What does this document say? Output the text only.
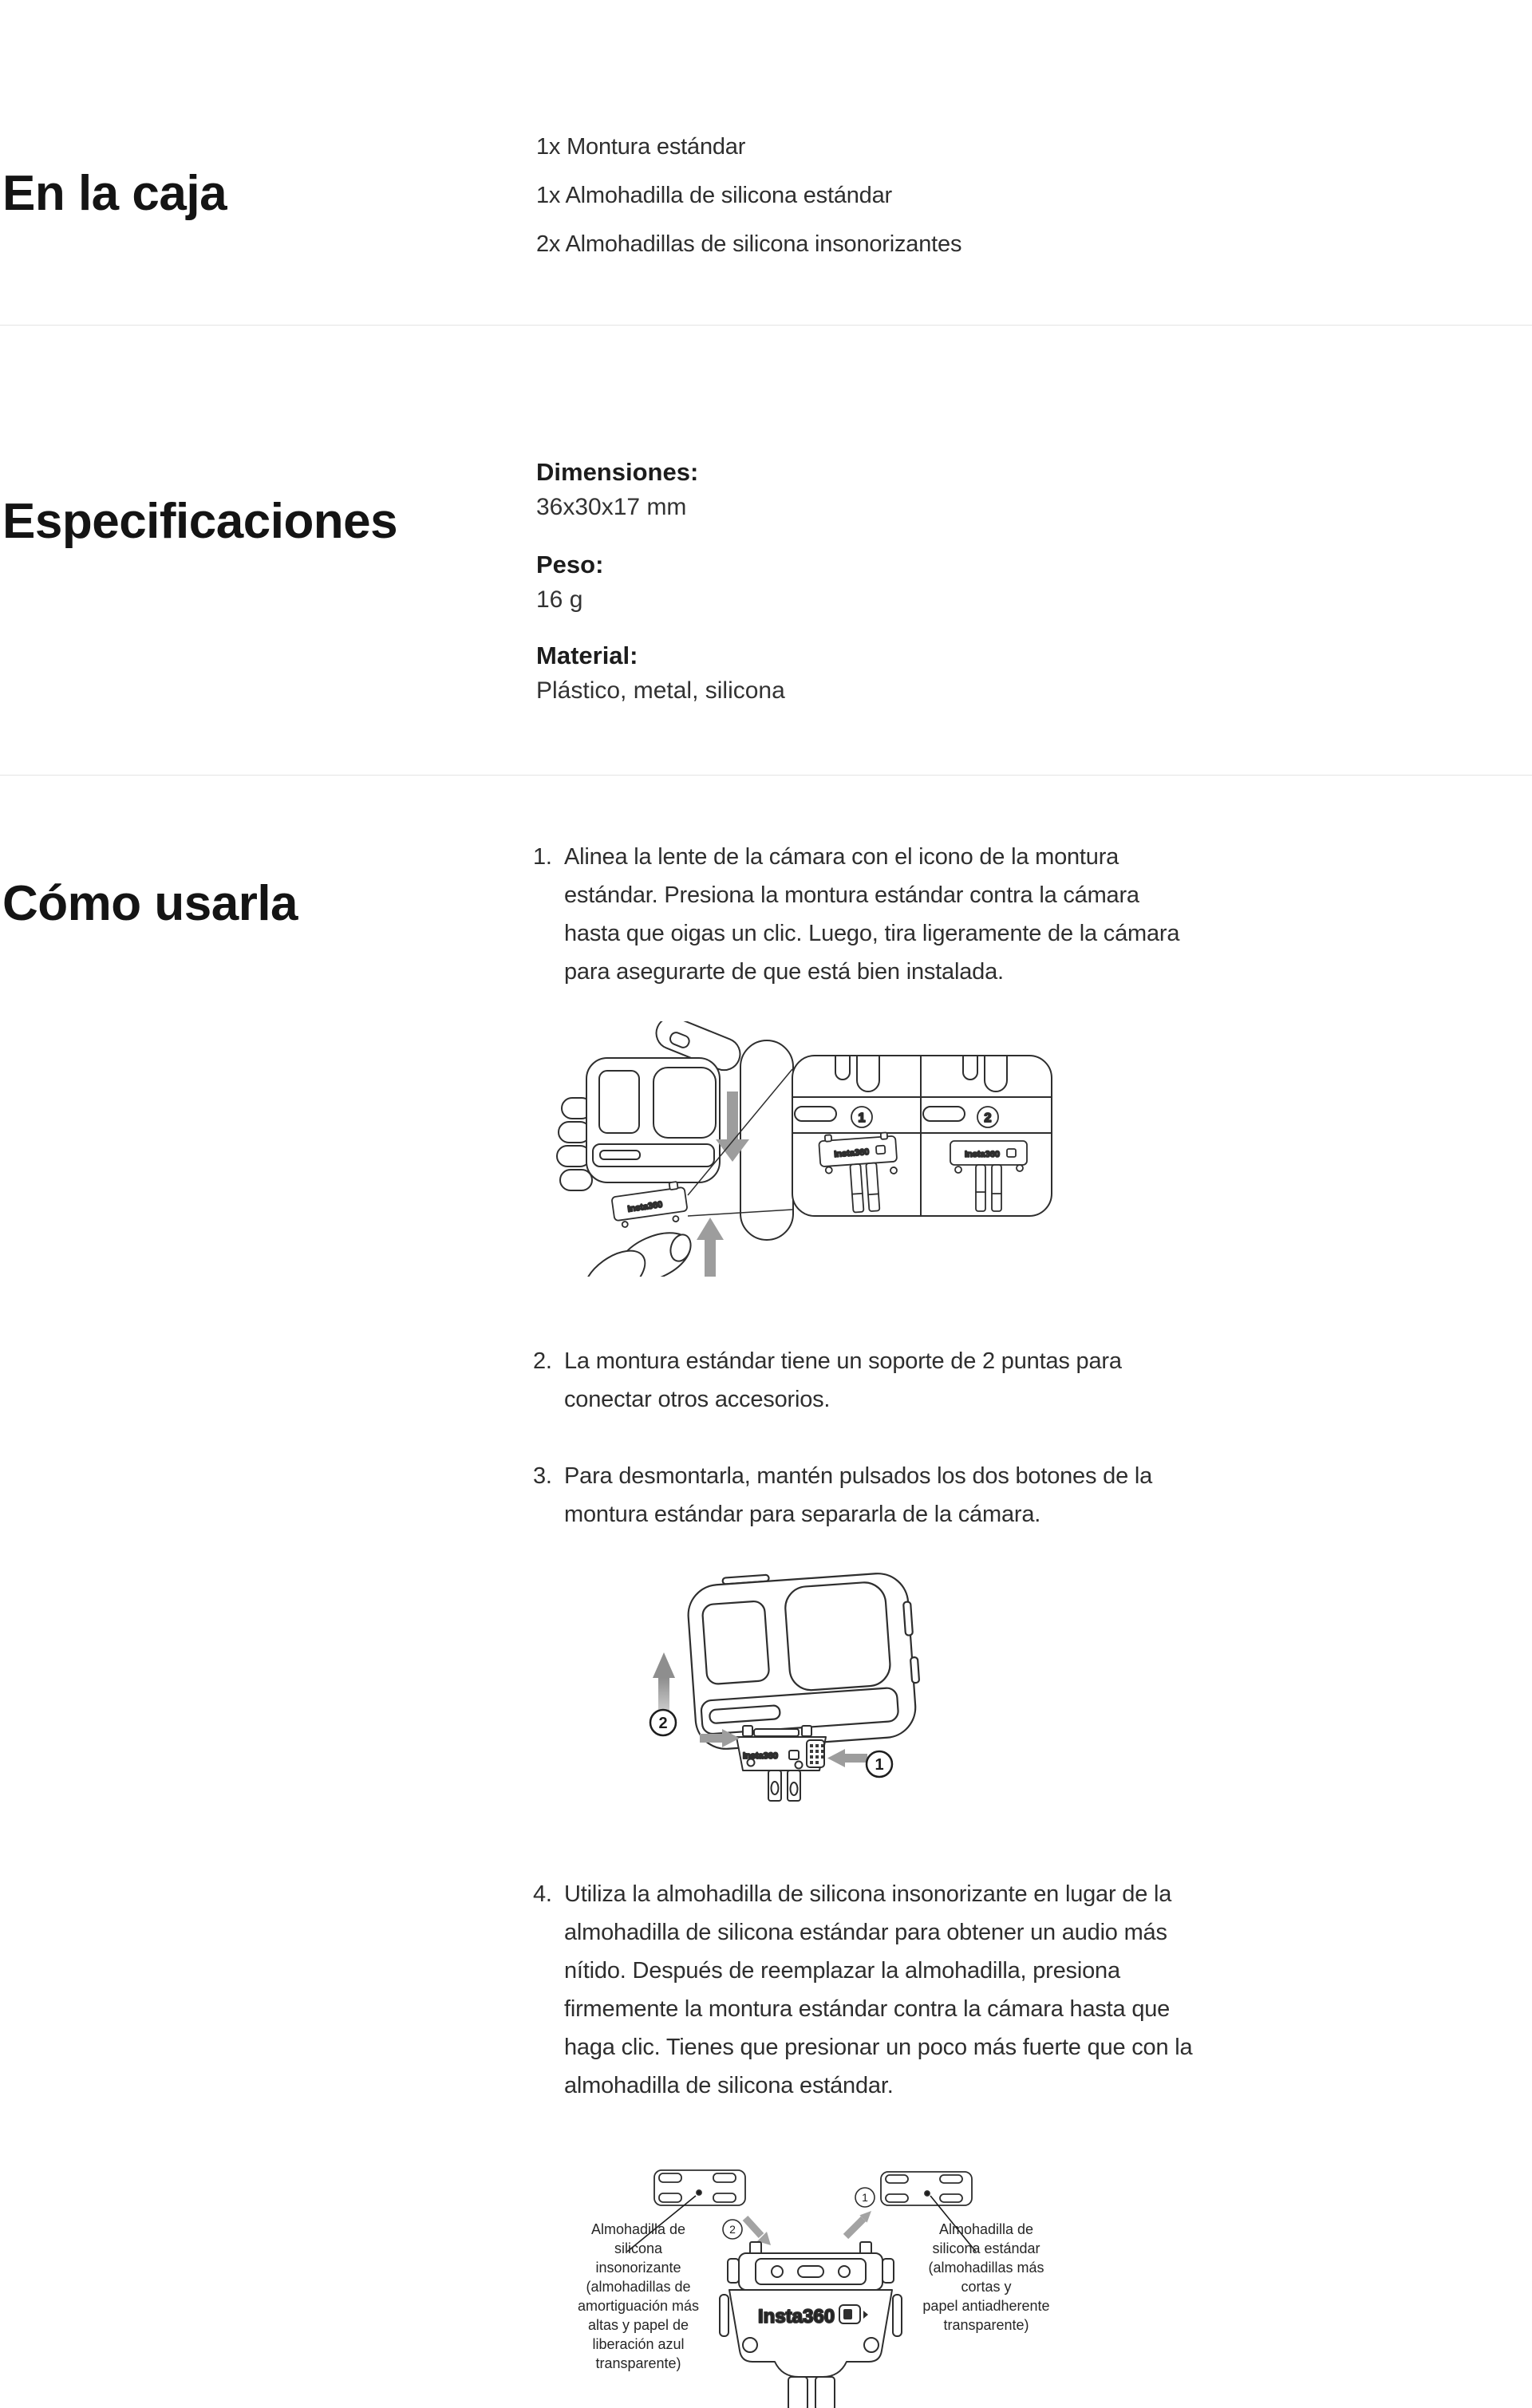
En la caja
1x Montura estándar
1x Almohadilla de silicona estándar
2x Almohadillas de silicona insonorizantes
Especificaciones
Dimensiones:
36x30x17 mm
Peso:
16 g
Material:
Plástico, metal, silicona
Cómo usarla
1. Alinea la lente de la cámara con el icono de la montura
estándar. Presiona la montura estándar contra la cámara
hasta que oigas un clic. Luego, tira ligeramente de la cámara
para asegurarte de que está bien instalada.
Insta360
1	2
Insta360	Insta360
2. La montura estándar tiene un soporte de 2 puntas para
conectar otros accesorios.
3. Para desmontarla, mantén pulsados los dos botones de la
montura estándar para separarla de la cámara.
2
Insta360	1
4. Utiliza la almohadilla de silicona insonorizante en lugar de la
almohadilla de silicona estándar para obtener un audio más
nítido. Después de reemplazar la almohadilla, presiona
firmemente la montura estándar contra la cámara hasta que
haga clic. Tienes que presionar un poco más fuerte que con la
almohadilla de silicona estándar.
2
1
Insta360
Almohadilla de
silicona
insonorizante
(almohadillas de
amortiguación más
altas y papel de
liberación azul
transparente)
Almohadilla de
silicona estándar
(almohadillas más
cortas y
papel antiadherente
transparente)
